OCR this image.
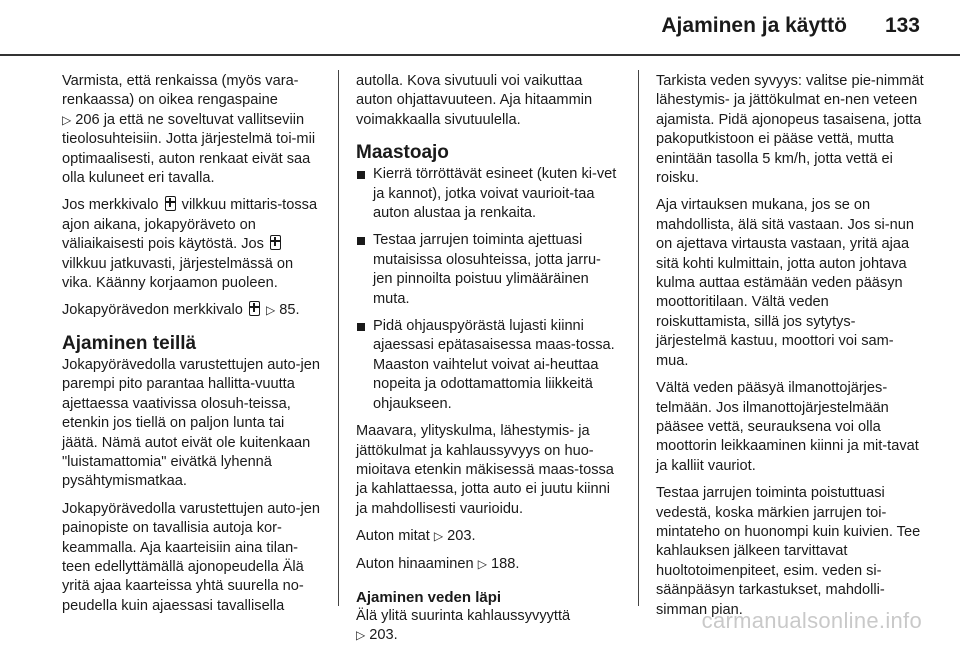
Ajaminen ja käyttö 133

Varmista, että renkaissa (myös vara-renkaassa) on oikea rengaspaine
▷ 206 ja että ne soveltuvat vallitseviin tieolosuhteisiin. Jotta järjestelmä toi-mii optimaalisesti, auton renkaat eivät saa olla kuluneet eri tavalla.

Jos merkkivalo vilkkuu mittaris-tossa ajon aikana, jokapyöräveto on väliaikaisesti pois käytöstä. Jos  vilkkuu jatkuvasti, järjestelmässä on vika. Käänny korjaamon puoleen.

Jokapyörävedon merkkivalo ▷ 85.

Ajaminen teillä

Jokapyörävedolla varustettujen auto-jen parempi pito parantaa hallitta-vuutta ajettaessa vaativissa olosuh-teissa, etenkin jos tiellä on paljon lunta tai jäätä. Nämä autot eivät ole kuitenkaan "luistamattomia" eivätkä lyhennä pysähtymismatkaa.

Jokapyörävedolla varustettujen auto-jen painopiste on tavallisia autoja kor-keammalla. Aja kaarteisiin aina tilan-teen edellyttämällä ajonopeudella Älä yritä ajaa kaarteissa yhtä suurella no-peudella kuin ajaessasi tavallisella

autolla. Kova sivutuuli voi vaikuttaa auton ohjattavuuteen. Aja hitaammin voimakkaalla sivutuulella.

Maastoajo
Kierrä törröttävät esineet (kuten ki-vet ja kannot), jotka voivat vaurioit-taa auton alustaa ja renkaita.
Testaa jarrujen toiminta ajettuasi mutaisissa olosuhteissa, jotta jarru-jen pinnoilta poistuu ylimääräinen muta.
Pidä ohjauspyörästä lujasti kiinni ajaessasi epätasaisessa maas-tossa. Maaston vaihtelut voivat ai-heuttaa nopeita ja odottamattomia liikkeitä ohjaukseen.

Maavara, ylityskulma, lähestymis- ja jättökulmat ja kahlaussyvyys on huo-mioitava etenkin mäkisessä maas-tossa ja kahlattaessa, jotta auto ei juutu kiinni ja mahdollisesti vaurioidu.

Auton mitat ▷ 203.

Auton hinaaminen ▷ 188.

Ajaminen veden läpi

Älä ylitä suurinta kahlaussyvyyttä
▷ 203.

Tarkista veden syvyys: valitse pie-nimmät lähestymis- ja jättökulmat en-nen veteen ajamista. Pidä ajonopeus tasaisena, jotta pakoputkistoon ei pääse vettä, mutta enintään tasolla 5 km/h, jotta vettä ei roisku.

Aja virtauksen mukana, jos se on mahdollista, älä sitä vastaan. Jos si-nun on ajettava virtausta vastaan, yritä ajaa sitä kohti kulmittain, jotta auton johtava kulma auttaa estämään veden pääsyn moottoritilaan. Vältä veden roiskuttamista, sillä jos sytytys-järjestelmä kastuu, moottori voi sam-mua.

Vältä veden pääsyä ilmanottojärjes-telmään. Jos ilmanottojärjestelmään pääsee vettä, seurauksena voi olla moottorin leikkaaminen kiinni ja mit-tavat ja kalliit vauriot.

Testaa jarrujen toiminta poistuttuasi vedestä, koska märkien jarrujen toi-mintateho on huonompi kuin kuivien. Tee kahlauksen jälkeen tarvittavat huoltotoimenpiteet, esim. veden si-säänpääsyn tarkastukset, mahdolli-simman pian.

carmanualsonline.info
